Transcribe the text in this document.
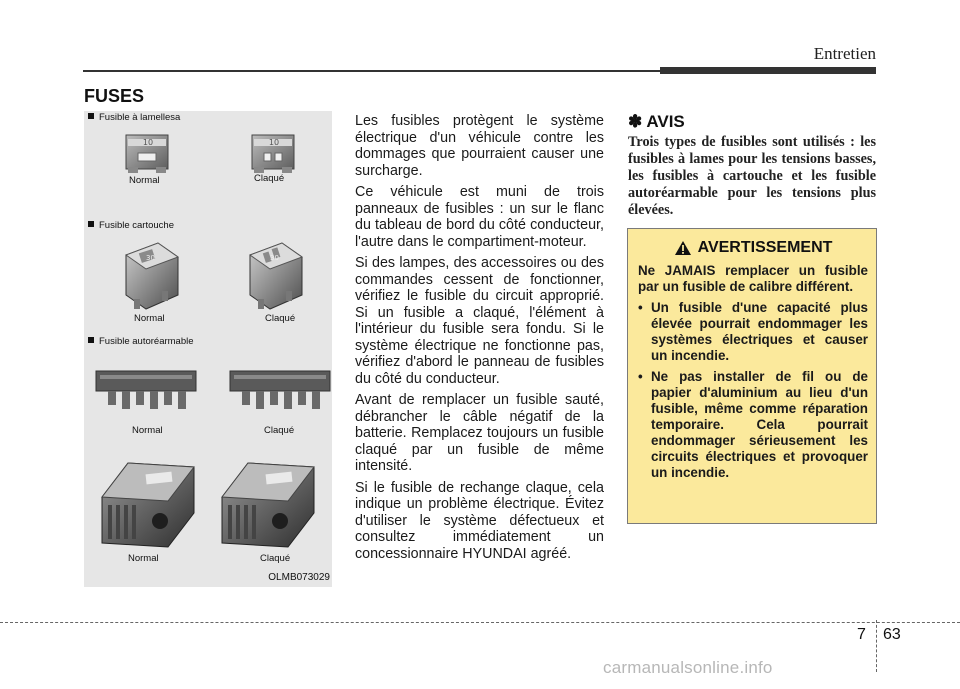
Entretien
FUSES
Fusible à lamellesa
10	10
Normal	Claqué
Fusible cartouche
30	30
Normal	Claqué
Fusible autoréarmable
Normal	Claqué
Normal	Claqué
OLMB073029

Les fusibles protègent le système électrique d'un véhicule contre les dommages que pourraient causer une surcharge.

Ce véhicule est muni de trois panneaux de fusibles : un sur le flanc du tableau de bord du côté conducteur, l'autre dans le compartiment-moteur.

Si des lampes, des accessoires ou des commandes cessent de fonctionner, vérifiez le fusible du circuit approprié. Si un fusible a claqué, l'élément à l'intérieur du fusible sera fondu. Si le système électrique ne fonctionne pas, vérifiez d'abord le panneau de fusibles du côté du conducteur.

Avant de remplacer un fusible sauté, débrancher le câble négatif de la batterie. Remplacez toujours un fusible claqué par un fusible de même intensité.

Si le fusible de rechange claque, cela indique un problème électrique. Évitez d'utiliser le système défectueux et consultez immédiatement un concessionnaire HYUNDAI agréé.

✽ AVIS
Trois types de fusibles sont utilisés : les fusibles à lames pour les tensions basses, les fusibles à cartouche et les fusible autoréarmable pour les tensions plus élevées.
AVERTISSEMENT
Ne JAMAIS remplacer un fusible par un fusible de calibre différent.
• Un fusible d'une capacité plus élevée pourrait endommager les systèmes électriques et causer un incendie.
• Ne pas installer de fil ou de papier d'aluminium au lieu d'un fusible, même comme réparation temporaire. Cela pourrait endommager sérieusement les circuits électriques et provoquer un incendie.
7 63
carmanualsonline.info
